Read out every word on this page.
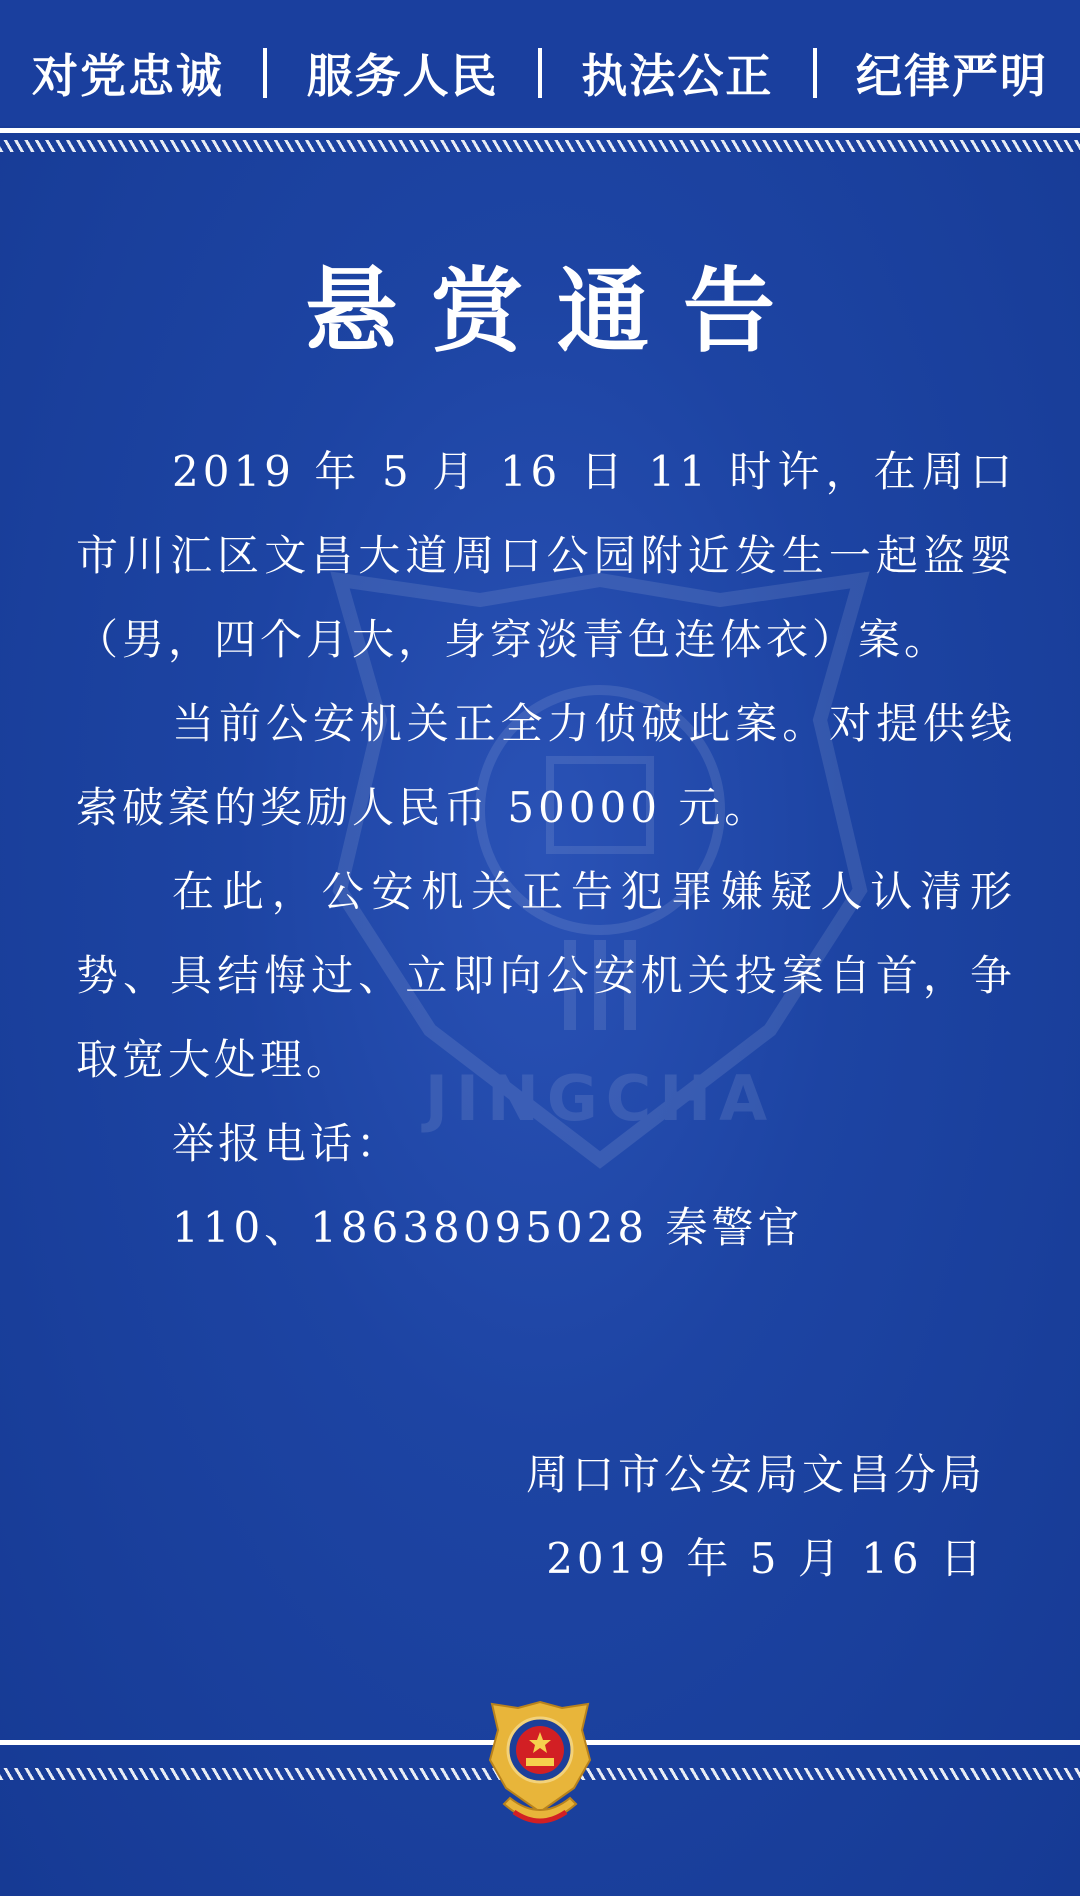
对党忠诚 服务人民 执法公正 纪律严明
JINGCHA
悬赏通告

2019 年 5 月 16 日 11 时许，在周口市川汇区文昌大道周口公园附近发生一起盗婴（男，四个月大，身穿淡青色连体衣）案。

当前公安机关正全力侦破此案。对提供线索破案的奖励人民币 50000 元。

在此，公安机关正告犯罪嫌疑人认清形势、具结悔过、立即向公安机关投案自首，争取宽大处理。

举报电话：

110、18638095028 秦警官

周口市公安局文昌分局
2019 年 5 月 16 日
